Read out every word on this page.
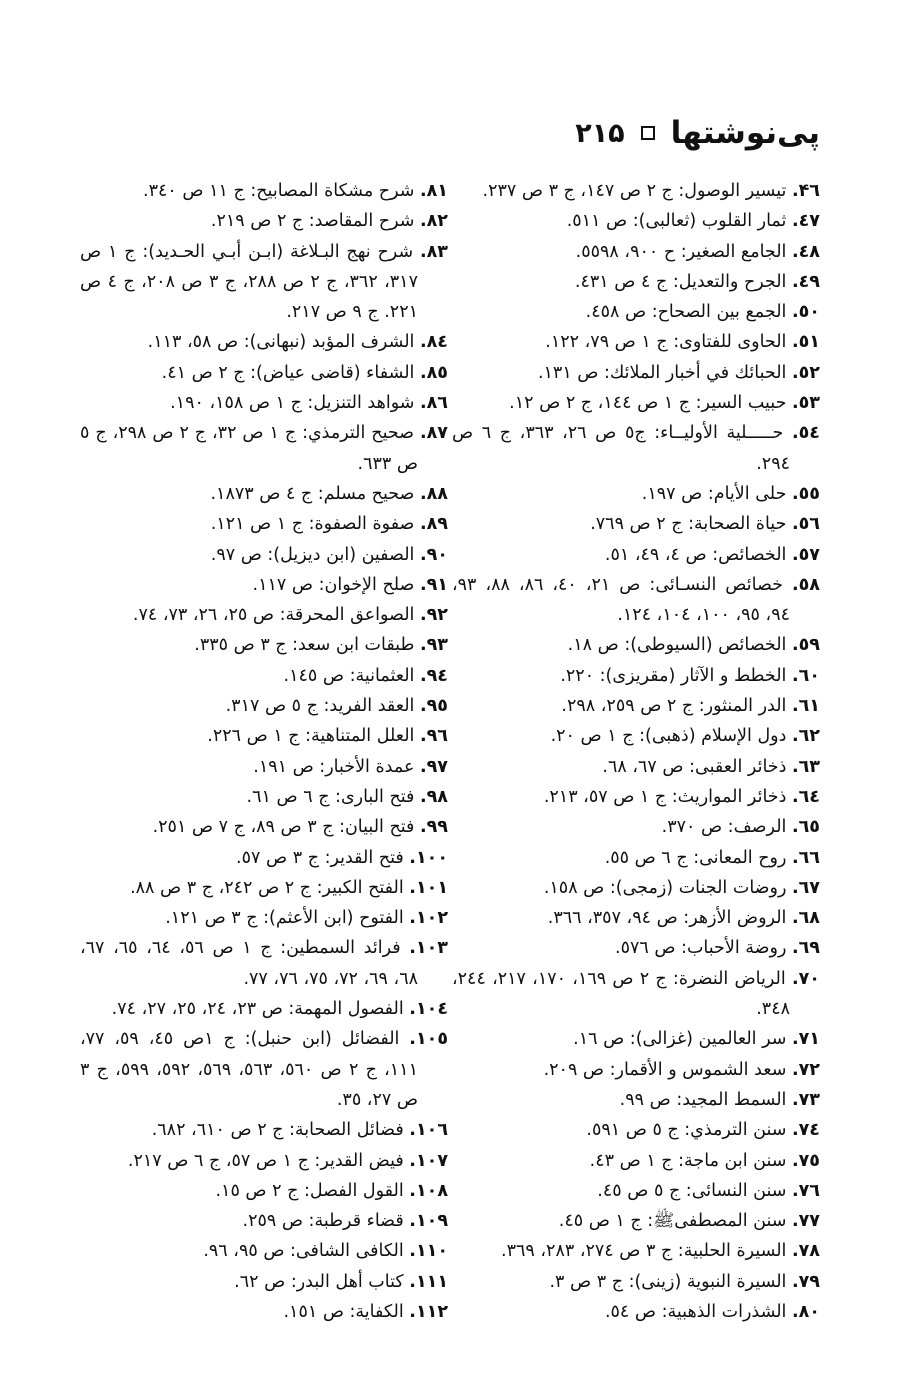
پی‌نوشتها
۲۱۵
۴٦. تیسیر الوصول: ج ۲ ص ۱٤۷، ج ۳ ص ۲۳۷.
٤۷. ثمار القلوب (ثعالبی): ص ٥۱۱.
٤۸. الجامع الصغیر: ح ۹۰۰، ٥٥۹۸.
٤۹. الجرح والتعدیل: ج ٤ ص ٤۳۱.
٥٠. الجمع بین الصحاح: ص ٤٥۸.
٥۱. الحاوی للفتاوی: ج ۱ ص ۷۹، ۱۲۲.
٥۲. الحبائك في أخبار الملائك: ص ۱۳۱.
٥۳. حبیب السیر: ج ۱ ص ۱٤٤، ج ۲ ص ۱۲.
٥٤. حـــــلیة الأولیــاء: ج٥ ص ۲٦، ۳٦۳، ج ٦ ص ۲۹٤.
٥٥. حلی الأیام: ص ۱۹۷.
٥٦. حیاة الصحابة: ج ۲ ص ۷٦۹.
٥۷. الخصائص: ص ٤، ٤۹، ٥۱.
٥۸. خصائص النسـائی: ص ۲۱، ٤٠، ۸٦، ۸۸، ۹۳، ۹٤، ۹٥، ۱٠٠، ۱٠٤، ۱۲٤.
٥۹. الخصائص (السیوطی): ص ۱۸.
٦٠. الخطط و الآثار (مقریزی): ۲۲٠.
٦۱. الدر المنثور: ج ۲ ص ۲٥۹، ۲۹۸.
٦۲. دول الإسلام (ذهبی): ج ۱ ص ۲٠.
٦۳. ذخائر العقبی: ص ٦۷، ٦۸.
٦٤. ذخائر المواریث: ج ۱ ص ٥۷، ۲۱۳.
٦٥. الرصف: ص ۳۷٠.
٦٦. روح المعانی: ج ٦ ص ٥٥.
٦۷. روضات الجنات (زمجی): ص ۱٥۸.
٦۸. الروض الأزهر: ص ۹٤، ۳٥۷، ۳٦٦.
٦۹. روضة الأحباب: ص ٥۷٦.
۷٠. الریاض النضرة: ج ۲ ص ۱٦۹، ۱۷٠، ۲۱۷، ۲٤٤، ۳٤۸.
۷۱. سر العالمین (غزالی): ص ۱٦.
۷۲. سعد الشموس و الأقمار: ص ۲٠۹.
۷۳. السمط المجید: ص ۹۹.
۷٤. سنن الترمذي: ج ٥ ص ٥۹۱.
۷٥. سنن ابن ماجة: ج ۱ ص ٤۳.
۷٦. سنن النسائی: ج ٥ ص ٤٥.
۷۷. سنن المصطفیﷺ: ج ۱ ص ٤٥.
۷۸. السیرة الحلبیة: ج ۳ ص ۲۷٤، ۲۸۳، ۳٦۹.
۷۹. السیرة النبویة (زینی): ج ۳ ص ۳.
۸٠. الشذرات الذهبیة: ص ٥٤.
۸۱. شرح مشکاة المصابیح: ج ۱۱ ص ۳٤٠.
۸۲. شرح المقاصد: ج ۲ ص ۲۱۹.
۸۳. شرح نهج البـلاغة (ابـن أبـي الحـدید): ج ۱ ص ۳۱۷، ۳٦۲، ج ۲ ص ۲۸۸، ج ۳ ص ۲٠۸، ج ٤ ص ۲۲۱. ج ۹ ص ۲۱۷.
۸٤. الشرف المؤبد (نبهانی): ص ٥۸، ۱۱۳.
۸٥. الشفاء (قاضی عیاض): ج ۲ ص ٤۱.
۸٦. شواهد التنزیل: ج ۱ ص ۱٥۸، ۱۹٠.
۸۷. صحیح الترمذي: ج ۱ ص ۳۲، ج ۲ ص ۲۹۸، ج ٥ ص ٦۳۳.
۸۸. صحیح مسلم: ج ٤ ص ۱۸۷۳.
۸۹. صفوة الصفوة: ج ۱ ص ۱۲۱.
۹٠. الصفین (ابن دیزیل): ص ۹۷.
۹۱. صلح الإخوان: ص ۱۱۷.
۹۲. الصواعق المحرقة: ص ۲٥، ۲٦، ۷۳، ۷٤.
۹۳. طبقات ابن سعد: ج ۳ ص ۳۳٥.
۹٤. العثمانیة: ص ۱٤٥.
۹٥. العقد الفرید: ج ٥ ص ۳۱۷.
۹٦. العلل المتناهیة: ج ۱ ص ۲۲٦.
۹۷. عمدة الأخبار: ص ۱۹۱.
۹۸. فتح الباری: ج ٦ ص ٦۱.
۹۹. فتح البیان: ج ۳ ص ۸۹، ج ۷ ص ۲٥۱.
۱٠٠. فتح القدیر: ج ۳ ص ٥۷.
۱٠۱. الفتح الکبیر: ج ۲ ص ۲٤۲، ج ۳ ص ۸۸.
۱٠۲. الفتوح (ابن الأعثم): ج ۳ ص ۱۲۱.
۱٠۳. فرائد السمطین: ج ۱ ص ٥٦، ٦٤، ٦٥، ٦۷، ٦۸، ٦۹، ۷۲، ۷٥، ۷٦، ۷۷.
۱٠٤. الفصول المهمة: ص ۲۳، ۲٤، ۲٥، ۲۷، ۷٤.
۱٠٥. الفضائل (ابن حنبل): ج ۱ص ٤٥، ٥۹، ۷۷، ۱۱۱، ج ۲ ص ٥٦٠، ٥٦۳، ٥٦۹، ٥۹۲، ٥۹۹، ج ۳ ص ۲۷، ۳٥.
۱٠٦. فضائل الصحابة: ج ۲ ص ٦۱٠، ٦۸۲.
۱٠۷. فیض القدیر: ج ۱ ص ٥۷، ج ٦ ص ۲۱۷.
۱٠۸. القول الفصل: ج ۲ ص ۱٥.
۱٠۹. قضاء قرطبة: ص ۲٥۹.
۱۱٠. الکافی الشافی: ص ۹٥، ۹٦.
۱۱۱. کتاب أهل البدر: ص ٦۲.
۱۱۲. الکفایة: ص ۱٥۱.
